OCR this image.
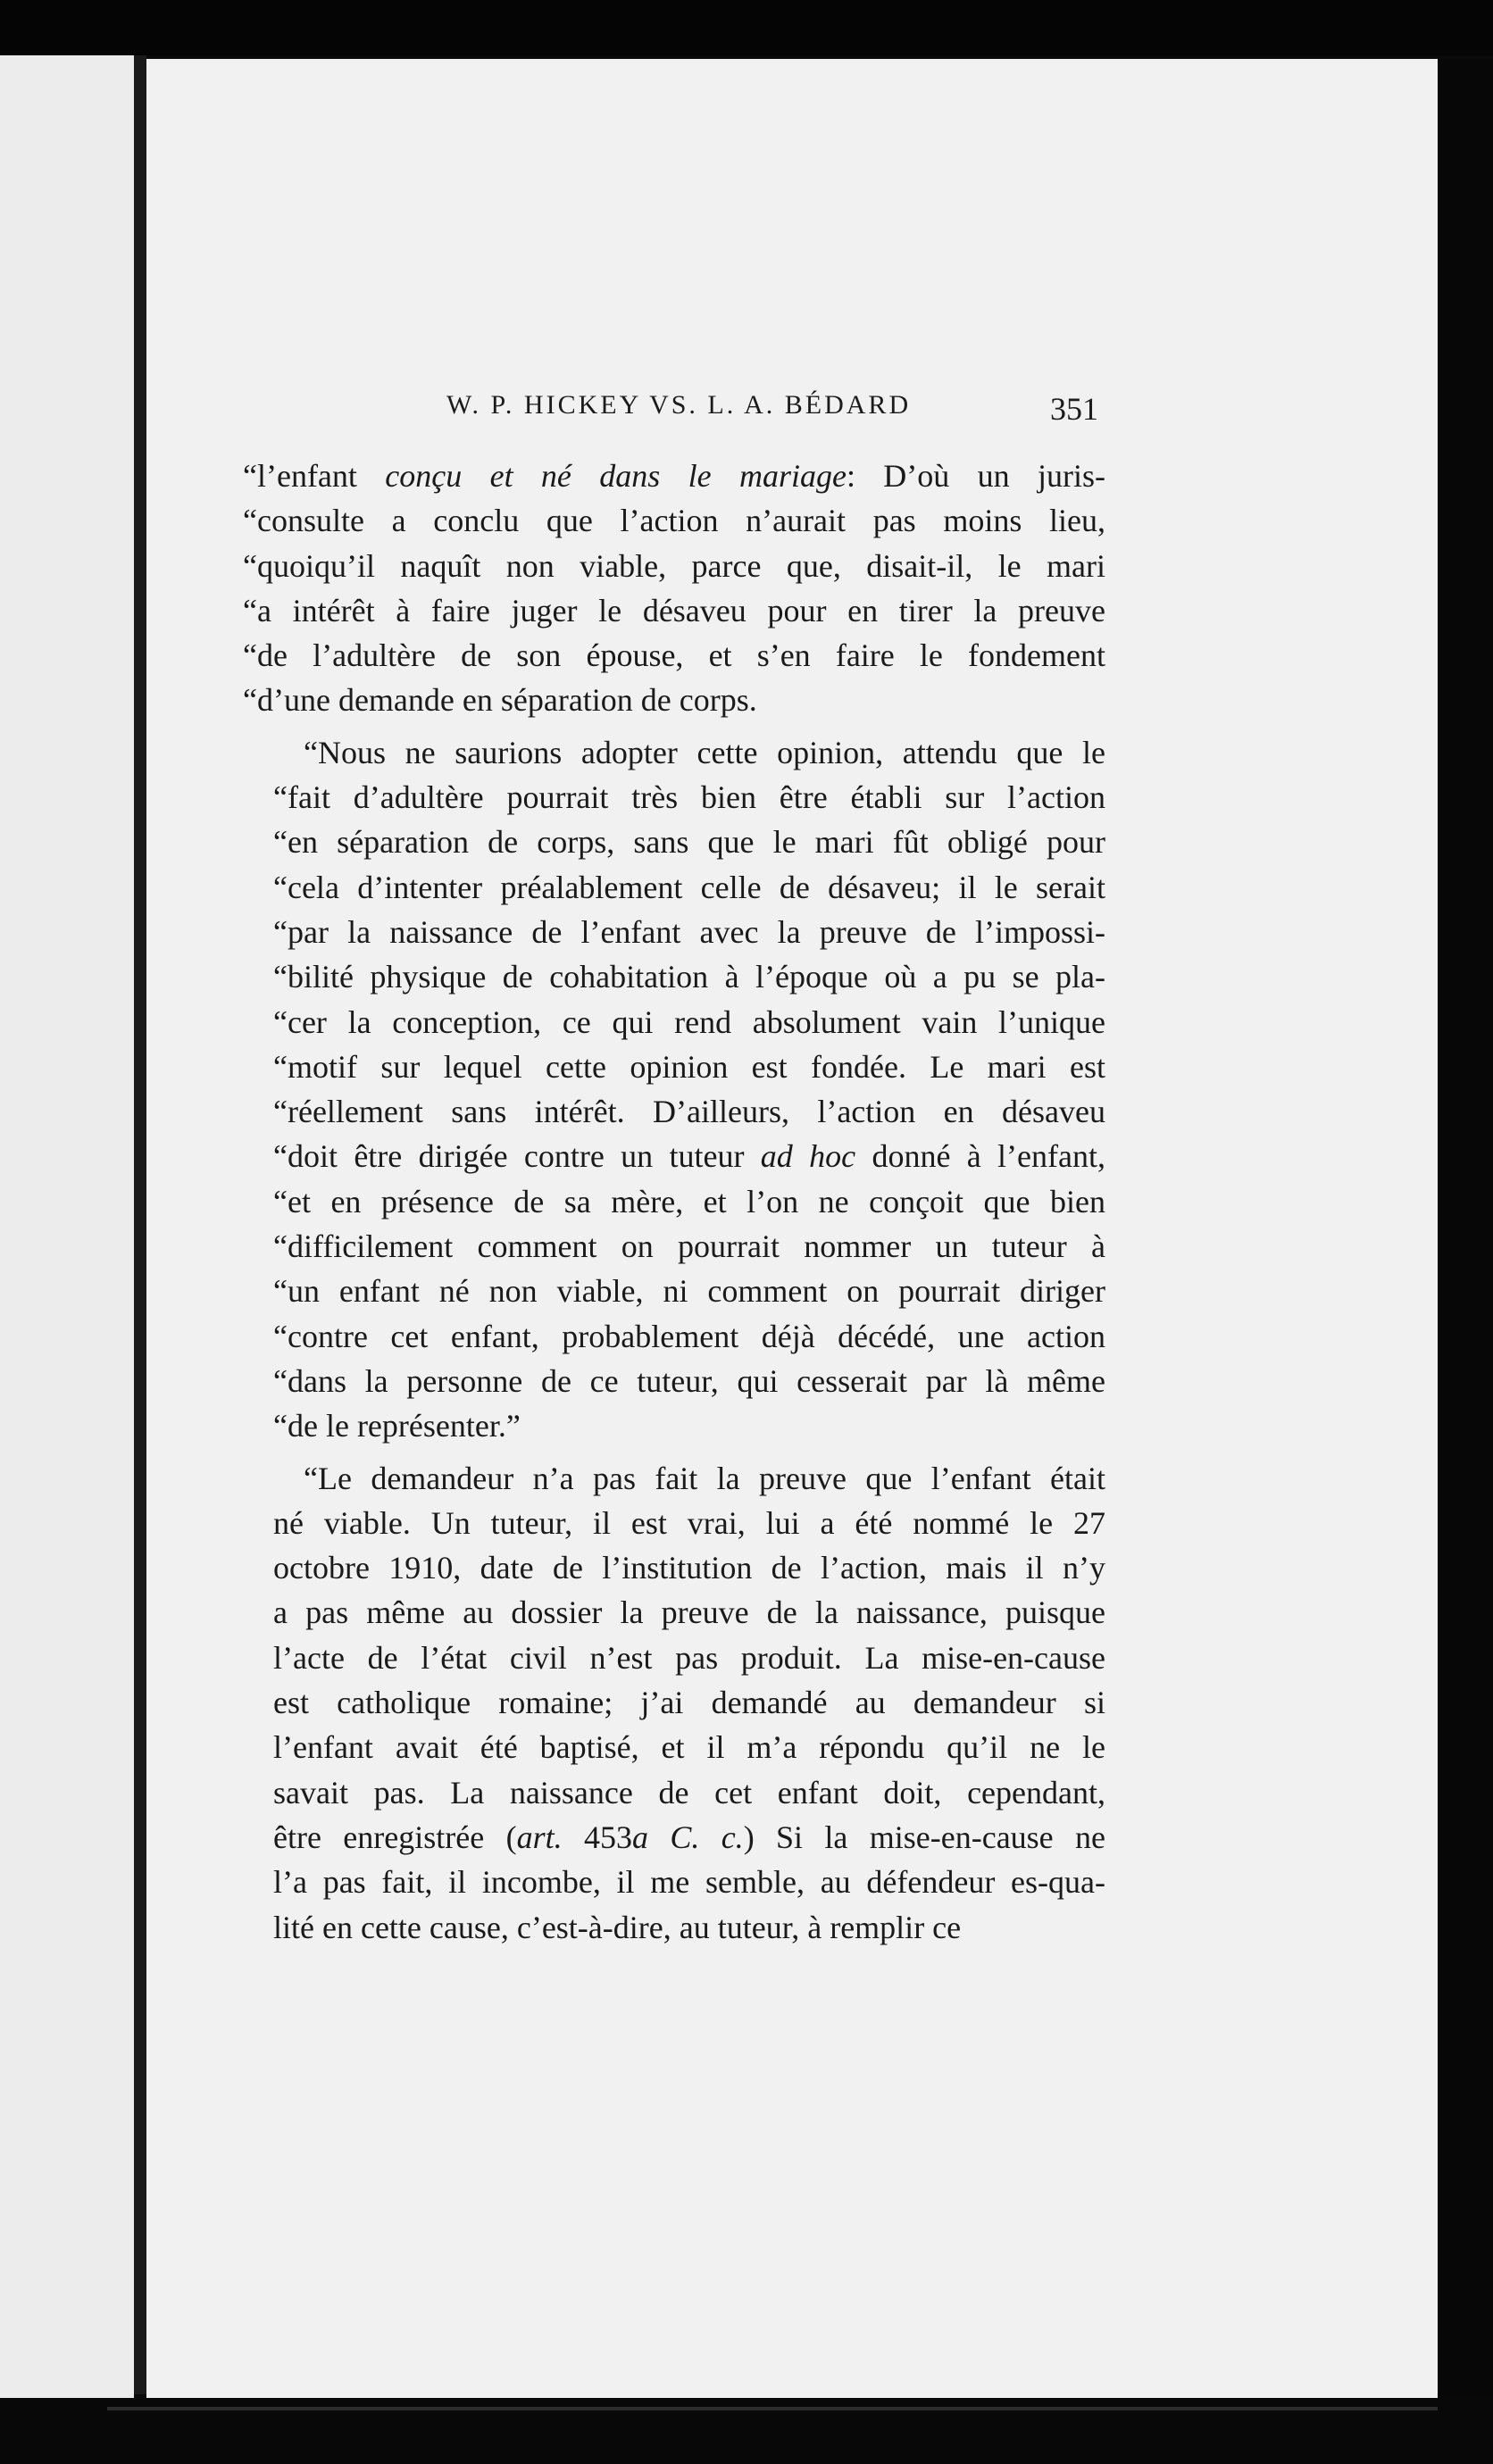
W. P. HICKEY VS. L. A. BÉDARD	351
“l’enfant conçu et né dans le mariage: D’où un juris-
“consulte a conclu que l’action n’aurait pas moins lieu,
“quoiqu’il naquît non viable, parce que, disait-il, le mari
“a intérêt à faire juger le désaveu pour en tirer la preuve
“de l’adultère de son épouse, et s’en faire le fondement
“d’une demande en séparation de corps.
“Nous ne saurions adopter cette opinion, attendu que le
“fait d’adultère pourrait très bien être établi sur l’action
“en séparation de corps, sans que le mari fût obligé pour
“cela d’intenter préalablement celle de désaveu; il le serait
“par la naissance de l’enfant avec la preuve de l’impossi-
“bilité physique de cohabitation à l’époque où a pu se pla-
“cer la conception, ce qui rend absolument vain l’unique
“motif sur lequel cette opinion est fondée. Le mari est
“réellement sans intérêt. D’ailleurs, l’action en désaveu
“doit être dirigée contre un tuteur ad hoc donné à l’enfant,
“et en présence de sa mère, et l’on ne conçoit que bien
“difficilement comment on pourrait nommer un tuteur à
“un enfant né non viable, ni comment on pourrait diriger
“contre cet enfant, probablement déjà décédé, une action
“dans la personne de ce tuteur, qui cesserait par là même
“de le représenter.”
“Le demandeur n’a pas fait la preuve que l’enfant était
né viable. Un tuteur, il est vrai, lui a été nommé le 27
octobre 1910, date de l’institution de l’action, mais il n’y
a pas même au dossier la preuve de la naissance, puisque
l’acte de l’état civil n’est pas produit. La mise-en-cause
est catholique romaine; j’ai demandé au demandeur si
l’enfant avait été baptisé, et il m’a répondu qu’il ne le
savait pas. La naissance de cet enfant doit, cependant,
être enregistrée (art. 453a C. c.) Si la mise-en-cause ne
l’a pas fait, il incombe, il me semble, au défendeur es-qua-
lité en cette cause, c’est-à-dire, au tuteur, à remplir ce
